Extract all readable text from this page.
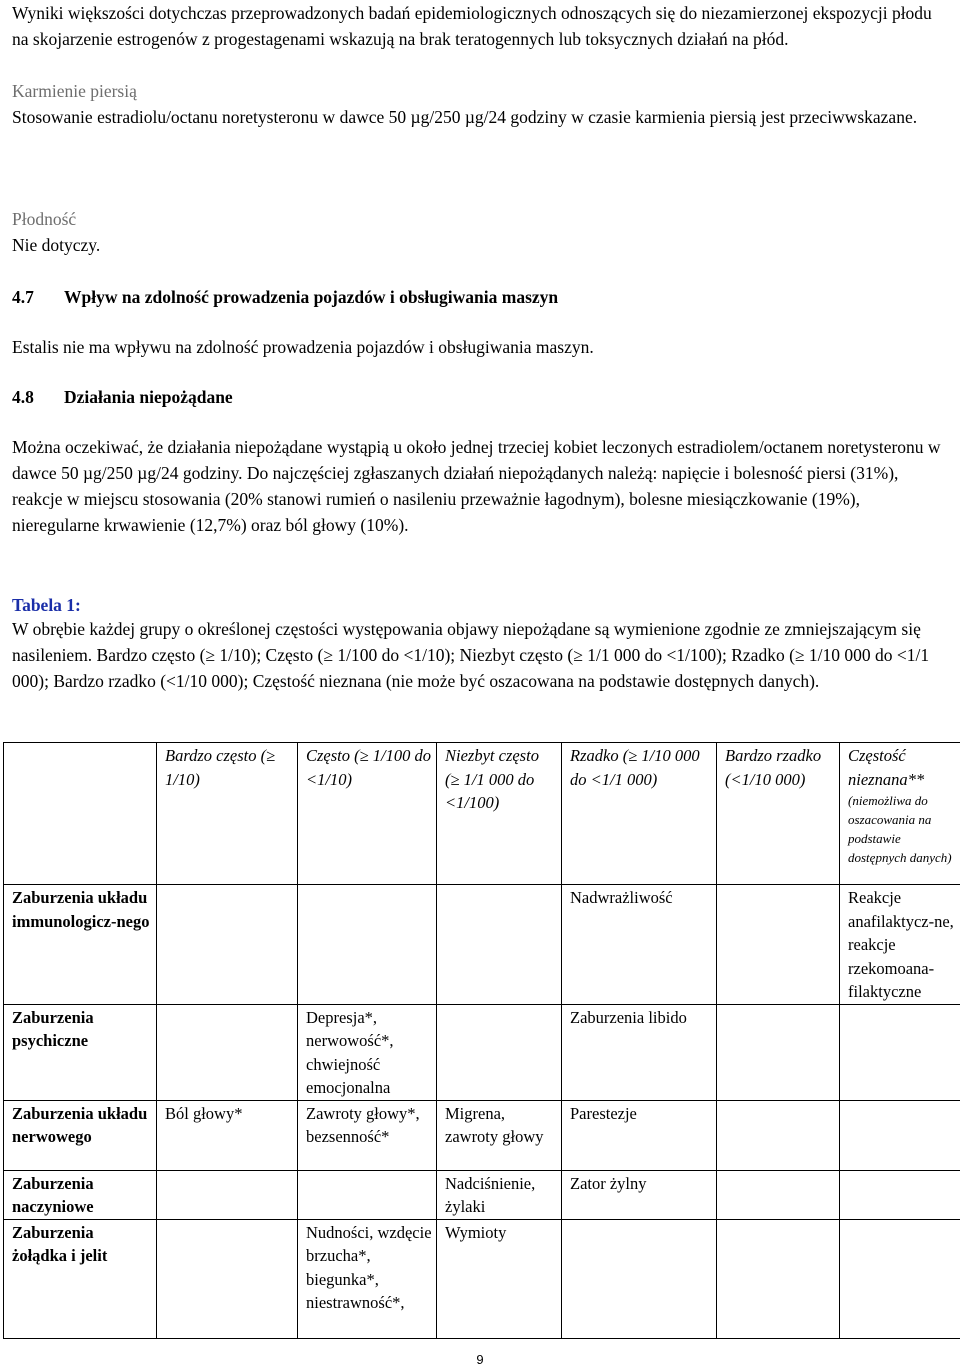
Wyniki większości dotychczas przeprowadzonych badań epidemiologicznych odnoszących się do niezamierzonej ekspozycji płodu na skojarzenie estrogenów z progestagenami wskazują na brak teratogennych lub toksycznych działań na płód.

Karmienie piersią

Stosowanie estradiolu/octanu noretysteronu w dawce 50 µg/250 µg/24 godziny w czasie karmienia piersią jest przeciwwskazane.

Płodność

Nie dotyczy.

4.7	Wpływ na zdolność prowadzenia pojazdów i obsługiwania maszyn

Estalis nie ma wpływu na zdolność prowadzenia pojazdów i obsługiwania maszyn.

4.8	Działania niepożądane

Można oczekiwać, że działania niepożądane wystąpią u około jednej trzeciej kobiet leczonych estradiolem/octanem noretysteronu w dawce 50 µg/250 µg/24 godziny. Do najczęściej zgłaszanych działań niepożądanych należą: napięcie i bolesność piersi (31%), reakcje w miejscu stosowania (20% stanowi rumień o nasileniu przeważnie łagodnym), bolesne miesiączkowanie (19%), nieregularne krwawienie (12,7%) oraz ból głowy (10%).

Tabela 1:

W obrębie każdej grupy o określonej częstości występowania objawy niepożądane są wymienione zgodnie ze zmniejszającym się nasileniem. Bardzo często (≥ 1/10); Często (≥ 1/100 do <1/10); Niezbyt często (≥ 1/1 000 do <1/100); Rzadko (≥ 1/10 000 do <1/1 000); Bardzo rzadko (<1/10 000); Częstość nieznana (nie może być oszacowana na podstawie dostępnych danych).

	Bardzo często (≥ 1/10)	Często (≥ 1/100 do <1/10)	Niezbyt często (≥ 1/1 000 do <1/100)	Rzadko (≥ 1/10 000 do <1/1 000)	Bardzo rzadko (<1/10 000)	Częstość nieznana**
(niemożliwa do oszacowania na podstawie dostępnych danych)

Zaburzenia układu immunologicz-nego				Nadwrażliwość		Reakcje anafilaktycz-ne, reakcje rzekomoana-filaktyczne
Zaburzenia psychiczne		Depresja*, nerwowość*, chwiejność emocjonalna		Zaburzenia libido		
Zaburzenia układu nerwowego	Ból głowy*	Zawroty głowy*, bezsenność*	Migrena, zawroty głowy	Parestezje		
Zaburzenia naczyniowe			Nadciśnienie, żylaki	Zator żylny		
Zaburzenia żołądka i jelit		Nudności, wzdęcie brzucha*, biegunka*, niestrawność*,	Wymioty			
9
